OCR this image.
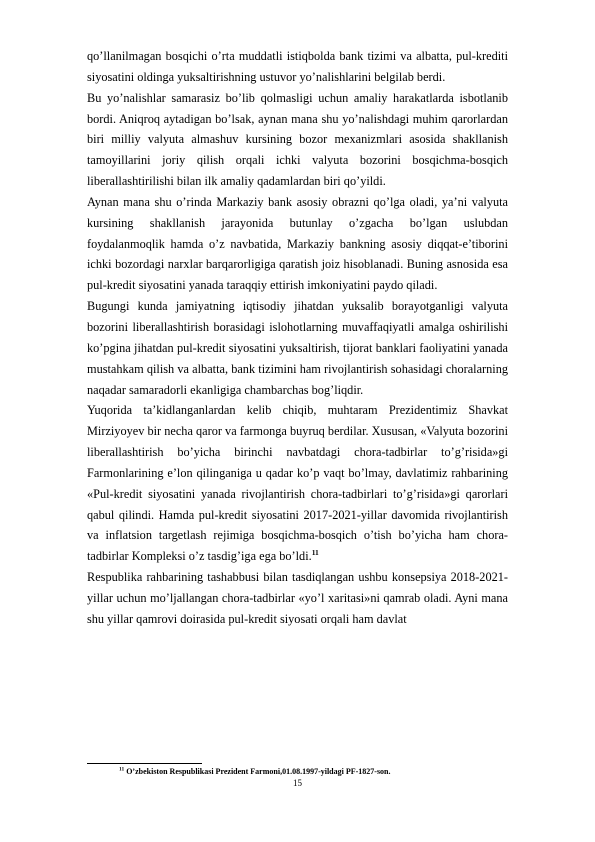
qo’llanilmagan bosqichi o’rta muddatli istiqbolda bank tizimi va albatta, pul-krediti siyosatini oldinga yuksaltirishning ustuvor yo’nalishlarini belgilab berdi.

Bu yo’nalishlar samarasiz bo’lib qolmasligi uchun amaliy harakatlarda isbotlanib bordi. Aniqroq aytadigan bo’lsak, aynan mana shu yo’nalishdagi muhim qarorlardan biri milliy valyuta almashuv kursining bozor mexanizmlari asosida shakllanish tamoyillarini joriy qilish orqali ichki valyuta bozorini bosqichma-bosqich liberallashtirilishi bilan ilk amaliy qadamlardan biri qo’yildi.

Aynan mana shu o’rinda Markaziy bank asosiy obrazni qo’lga oladi, ya’ni valyuta kursining shakllanish jarayonida butunlay o’zgacha bo’lgan uslubdan foydalanmoqlik hamda o’z navbatida, Markaziy bankning asosiy diqqat-e’tiborini ichki bozordagi narxlar barqarorligiga qaratish joiz hisoblanadi. Buning asnosida esa pul-kredit siyosatini yanada taraqqiy ettirish imkoniyatini paydo qiladi.

Bugungi kunda jamiyatning iqtisodiy jihatdan yuksalib borayotganligi valyuta bozorini liberallashtirish borasidagi islohotlarning muvaffaqiyatli amalga oshirilishi ko’pgina jihatdan pul-kredit siyosatini yuksaltirish, tijorat banklari faoliyatini yanada mustahkam qilish va albatta, bank tizimini ham rivojlantirish sohasidagi choralarning naqadar samaradorli ekanligiga chambarchas bog’liqdir.

Yuqorida ta’kidlanganlardan kelib chiqib, muhtaram Prezidentimiz Shavkat Mirziyoyev bir necha qaror va farmonga buyruq berdilar. Xususan, «Valyuta bozorini liberallashtirish bo’yicha birinchi navbatdagi chora-tadbirlar to’g’risida»gi Farmonlarining e’lon qilinganiga u qadar ko’p vaqt bo’lmay, davlatimiz rahbarining «Pul-kredit siyosatini yanada rivojlantirish chora-tadbirlari to’g’risida»gi qarorlari qabul qilindi. Hamda pul-kredit siyosatini 2017-2021-yillar davomida rivojlantirish va inflatsion targetlash rejimiga bosqichma-bosqich o’tish bo’yicha ham chora-tadbirlar Kompleksi o’z tasdig’iga ega bo’ldi.$^{11}$

Respublika rahbarining tashabbusi bilan tasdiqlangan ushbu konsepsiya 2018-2021-yillar uchun mo’ljallangan chora-tadbirlar «yo’l xaritasi»ni qamrab oladi. Ayni mana shu yillar qamrovi doirasida pul-kredit siyosati orqali ham davlat

$^{11}$ O’zbekiston Respublikasi Prezident Farmoni,01.08.1997-yildagi PF-1827-son.
15
